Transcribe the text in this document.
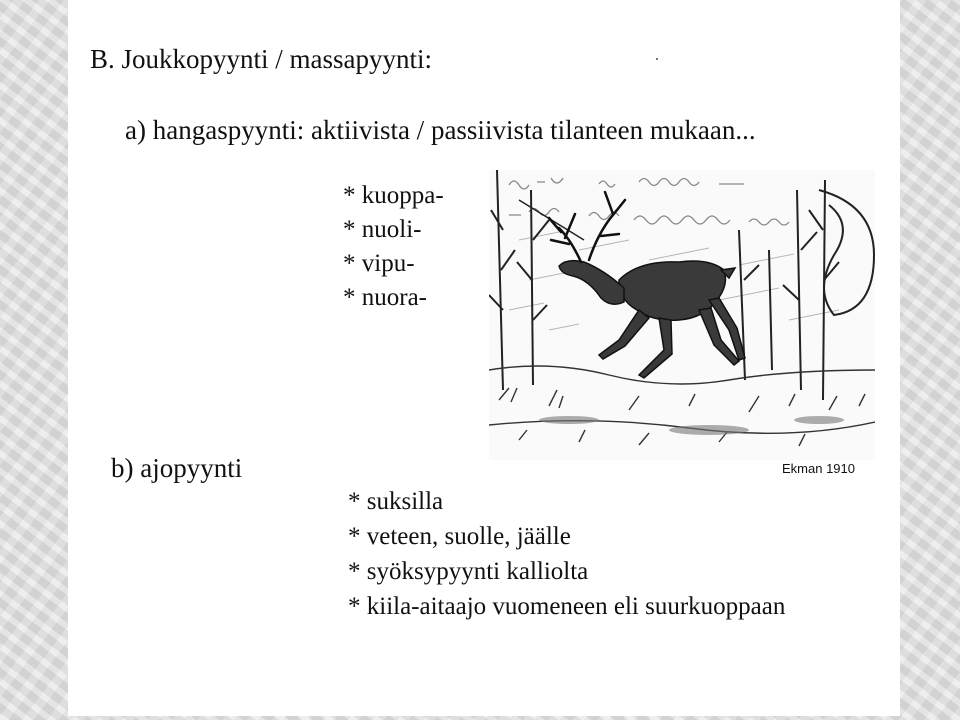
B. Joukkopyynti / massapyynti:
a) hangaspyynti: aktiivista / passiivista tilanteen mukaan...
* kuoppa-
* nuoli-
* vipu-
* nuora-
Ekman 1910
b) ajopyynti
* suksilla
* veteen, suolle, jäälle
* syöksypyynti kalliolta
* kiila-aitaajo vuomeneen eli suurkuoppaan
